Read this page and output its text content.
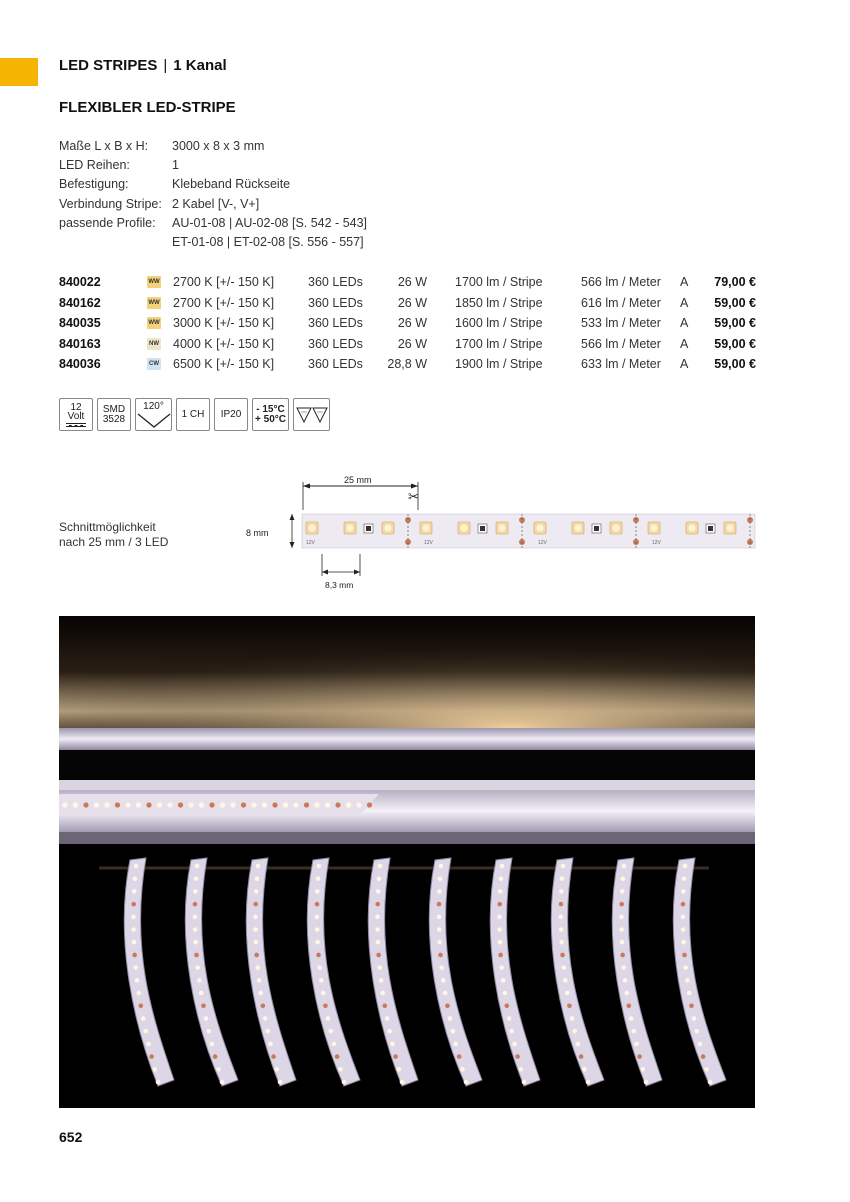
LED STRIPES | 1 Kanal
FLEXIBLER LED-STRIPE
Maße L x B x H:	3000 x 8 x 3 mm
LED Reihen:	1
Befestigung:	Klebeband Rückseite
Verbindung Stripe: 2 Kabel [V-, V+]
passende Profile:	AU-01-08 | AU-02-08 [S. 542 - 543]
ET-01-08 | ET-02-08 [S. 556 - 557]
840022	WW 2700 K [+/- 150 K]	360 LEDs	26 W 1700 lm / Stripe	566 lm / Meter A	79,00 €
840162	WW 2700 K [+/- 150 K]	360 LEDs	26 W 1850 lm / Stripe	616 lm / Meter A	59,00 €
840035	WW 3000 K [+/- 150 K]	360 LEDs	26 W 1600 lm / Stripe	533 lm / Meter A	59,00 €
840163	NW 4000 K [+/- 150 K]	360 LEDs	26 W 1700 lm / Stripe	566 lm / Meter A	59,00 €
840036	CW 6500 K [+/- 150 K]	360 LEDs	28,8 W 1900 lm / Stripe	633 lm / Meter A	59,00 €
12
Volt
SMD
3528
120°
1 CH	IP20	- 15°C
+ 50°C
Schnittmöglichkeit
nach 25 mm / 3 LED
25 mm
✂
8 mm
12V	12V	12V	12V
8,3 mm
652
